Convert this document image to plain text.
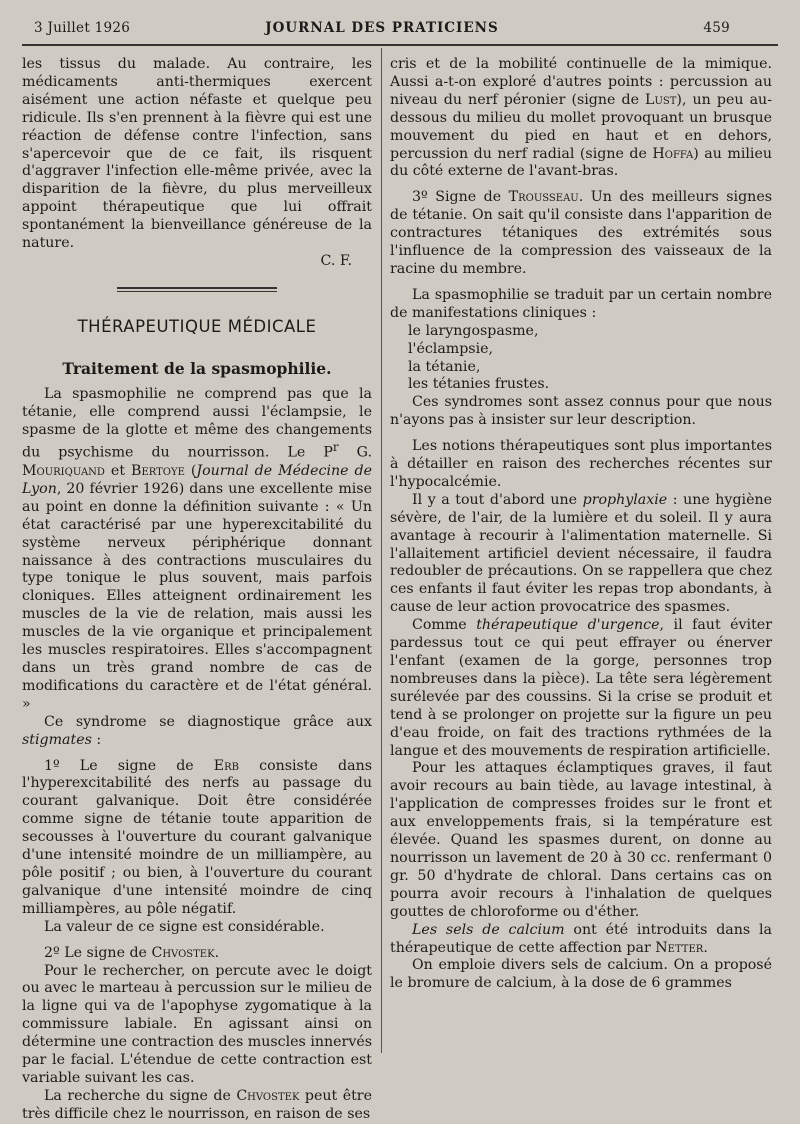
3 Juillet 1926	JOURNAL DES PRATICIENS	459

les tissus du malade. Au contraire, les médicaments anti-thermiques exercent aisément une action néfaste et quelque peu ridicule. Ils s'en prennent à la fièvre qui est une réaction de défense contre l'infection, sans s'apercevoir que de ce fait, ils risquent d'aggraver l'infection elle-même privée, avec la disparition de la fièvre, du plus merveilleux appoint thérapeutique que lui offrait spontanément la bienveillance généreuse de la nature.

C. F.

THÉRAPEUTIQUE MÉDICALE
Traitement de la spasmophilie.

La spasmophilie ne comprend pas que la tétanie, elle comprend aussi l'éclampsie, le spasme de la glotte et même des changements du psychisme du nourrisson. Le $P^r$ G. Mouriquand et Bertoye (Journal de Médecine de Lyon, 20 février 1926) dans une excellente mise au point en donne la définition suivante : « Un état caractérisé par une hyperexcitabilité du système nerveux périphérique donnant naissance à des contractions musculaires du type tonique le plus souvent, mais parfois cloniques. Elles atteignent ordinairement les muscles de la vie de relation, mais aussi les muscles de la vie organique et principalement les muscles respiratoires. Elles s'accompagnent dans un très grand nombre de cas de modifications du caractère et de l'état général. »

Ce syndrome se diagnostique grâce aux stigmates :

1º Le signe de Erb consiste dans l'hyperexcitabilité des nerfs au passage du courant galvanique. Doit être considérée comme signe de tétanie toute apparition de secousses à l'ouverture du courant galvanique d'une intensité moindre de un milliampère, au pôle positif ; ou bien, à l'ouverture du courant galvanique d'une intensité moindre de cinq milliampères, au pôle négatif.

La valeur de ce signe est considérable.

2º Le signe de Chvostek.

Pour le rechercher, on percute avec le doigt ou avec le marteau à percussion sur le milieu de la ligne qui va de l'apophyse zygomatique à la commissure labiale. En agissant ainsi on détermine une contraction des muscles innervés par le facial. L'étendue de cette contraction est variable suivant les cas.

La recherche du signe de Chvostek peut être très difficile chez le nourrisson, en raison de ses

cris et de la mobilité continuelle de la mimique. Aussi a-t-on exploré d'autres points : percussion au niveau du nerf péronier (signe de Lust), un peu au-dessous du milieu du mollet provoquant un brusque mouvement du pied en haut et en dehors, percussion du nerf radial (signe de Hoffa) au milieu du côté externe de l'avant-bras.

3º Signe de Trousseau. Un des meilleurs signes de tétanie. On sait qu'il consiste dans l'apparition de contractures tétaniques des extrémités sous l'influence de la compression des vaisseaux de la racine du membre.

La spasmophilie se traduit par un certain nombre de manifestations cliniques :

le laryngospasme,

l'éclampsie,

la tétanie,

les tétanies frustes.

Ces syndromes sont assez connus pour que nous n'ayons pas à insister sur leur description.

Les notions thérapeutiques sont plus importantes à détailler en raison des recherches récentes sur l'hypocalcémie.

Il y a tout d'abord une prophylaxie : une hygiène sévère, de l'air, de la lumière et du soleil. Il y aura avantage à recourir à l'alimentation maternelle. Si l'allaitement artificiel devient nécessaire, il faudra redoubler de précautions. On se rappellera que chez ces enfants il faut éviter les repas trop abondants, à cause de leur action provocatrice des spasmes.

Comme thérapeutique d'urgence, il faut éviter pardessus tout ce qui peut effrayer ou énerver l'enfant (examen de la gorge, personnes trop nombreuses dans la pièce). La tête sera légèrement surélevée par des coussins. Si la crise se produit et tend à se prolonger on projette sur la figure un peu d'eau froide, on fait des tractions rythmées de la langue et des mouvements de respiration artificielle.

Pour les attaques éclamptiques graves, il faut avoir recours au bain tiède, au lavage intestinal, à l'application de compresses froides sur le front et aux enveloppements frais, si la température est élevée. Quand les spasmes durent, on donne au nourrisson un lavement de 20 à 30 cc. renfermant 0 gr. 50 d'hydrate de chloral. Dans certains cas on pourra avoir recours à l'inhalation de quelques gouttes de chloroforme ou d'éther.

Les sels de calcium ont été introduits dans la thérapeutique de cette affection par Netter.

On emploie divers sels de calcium. On a proposé le bromure de calcium, à la dose de 6 grammes
